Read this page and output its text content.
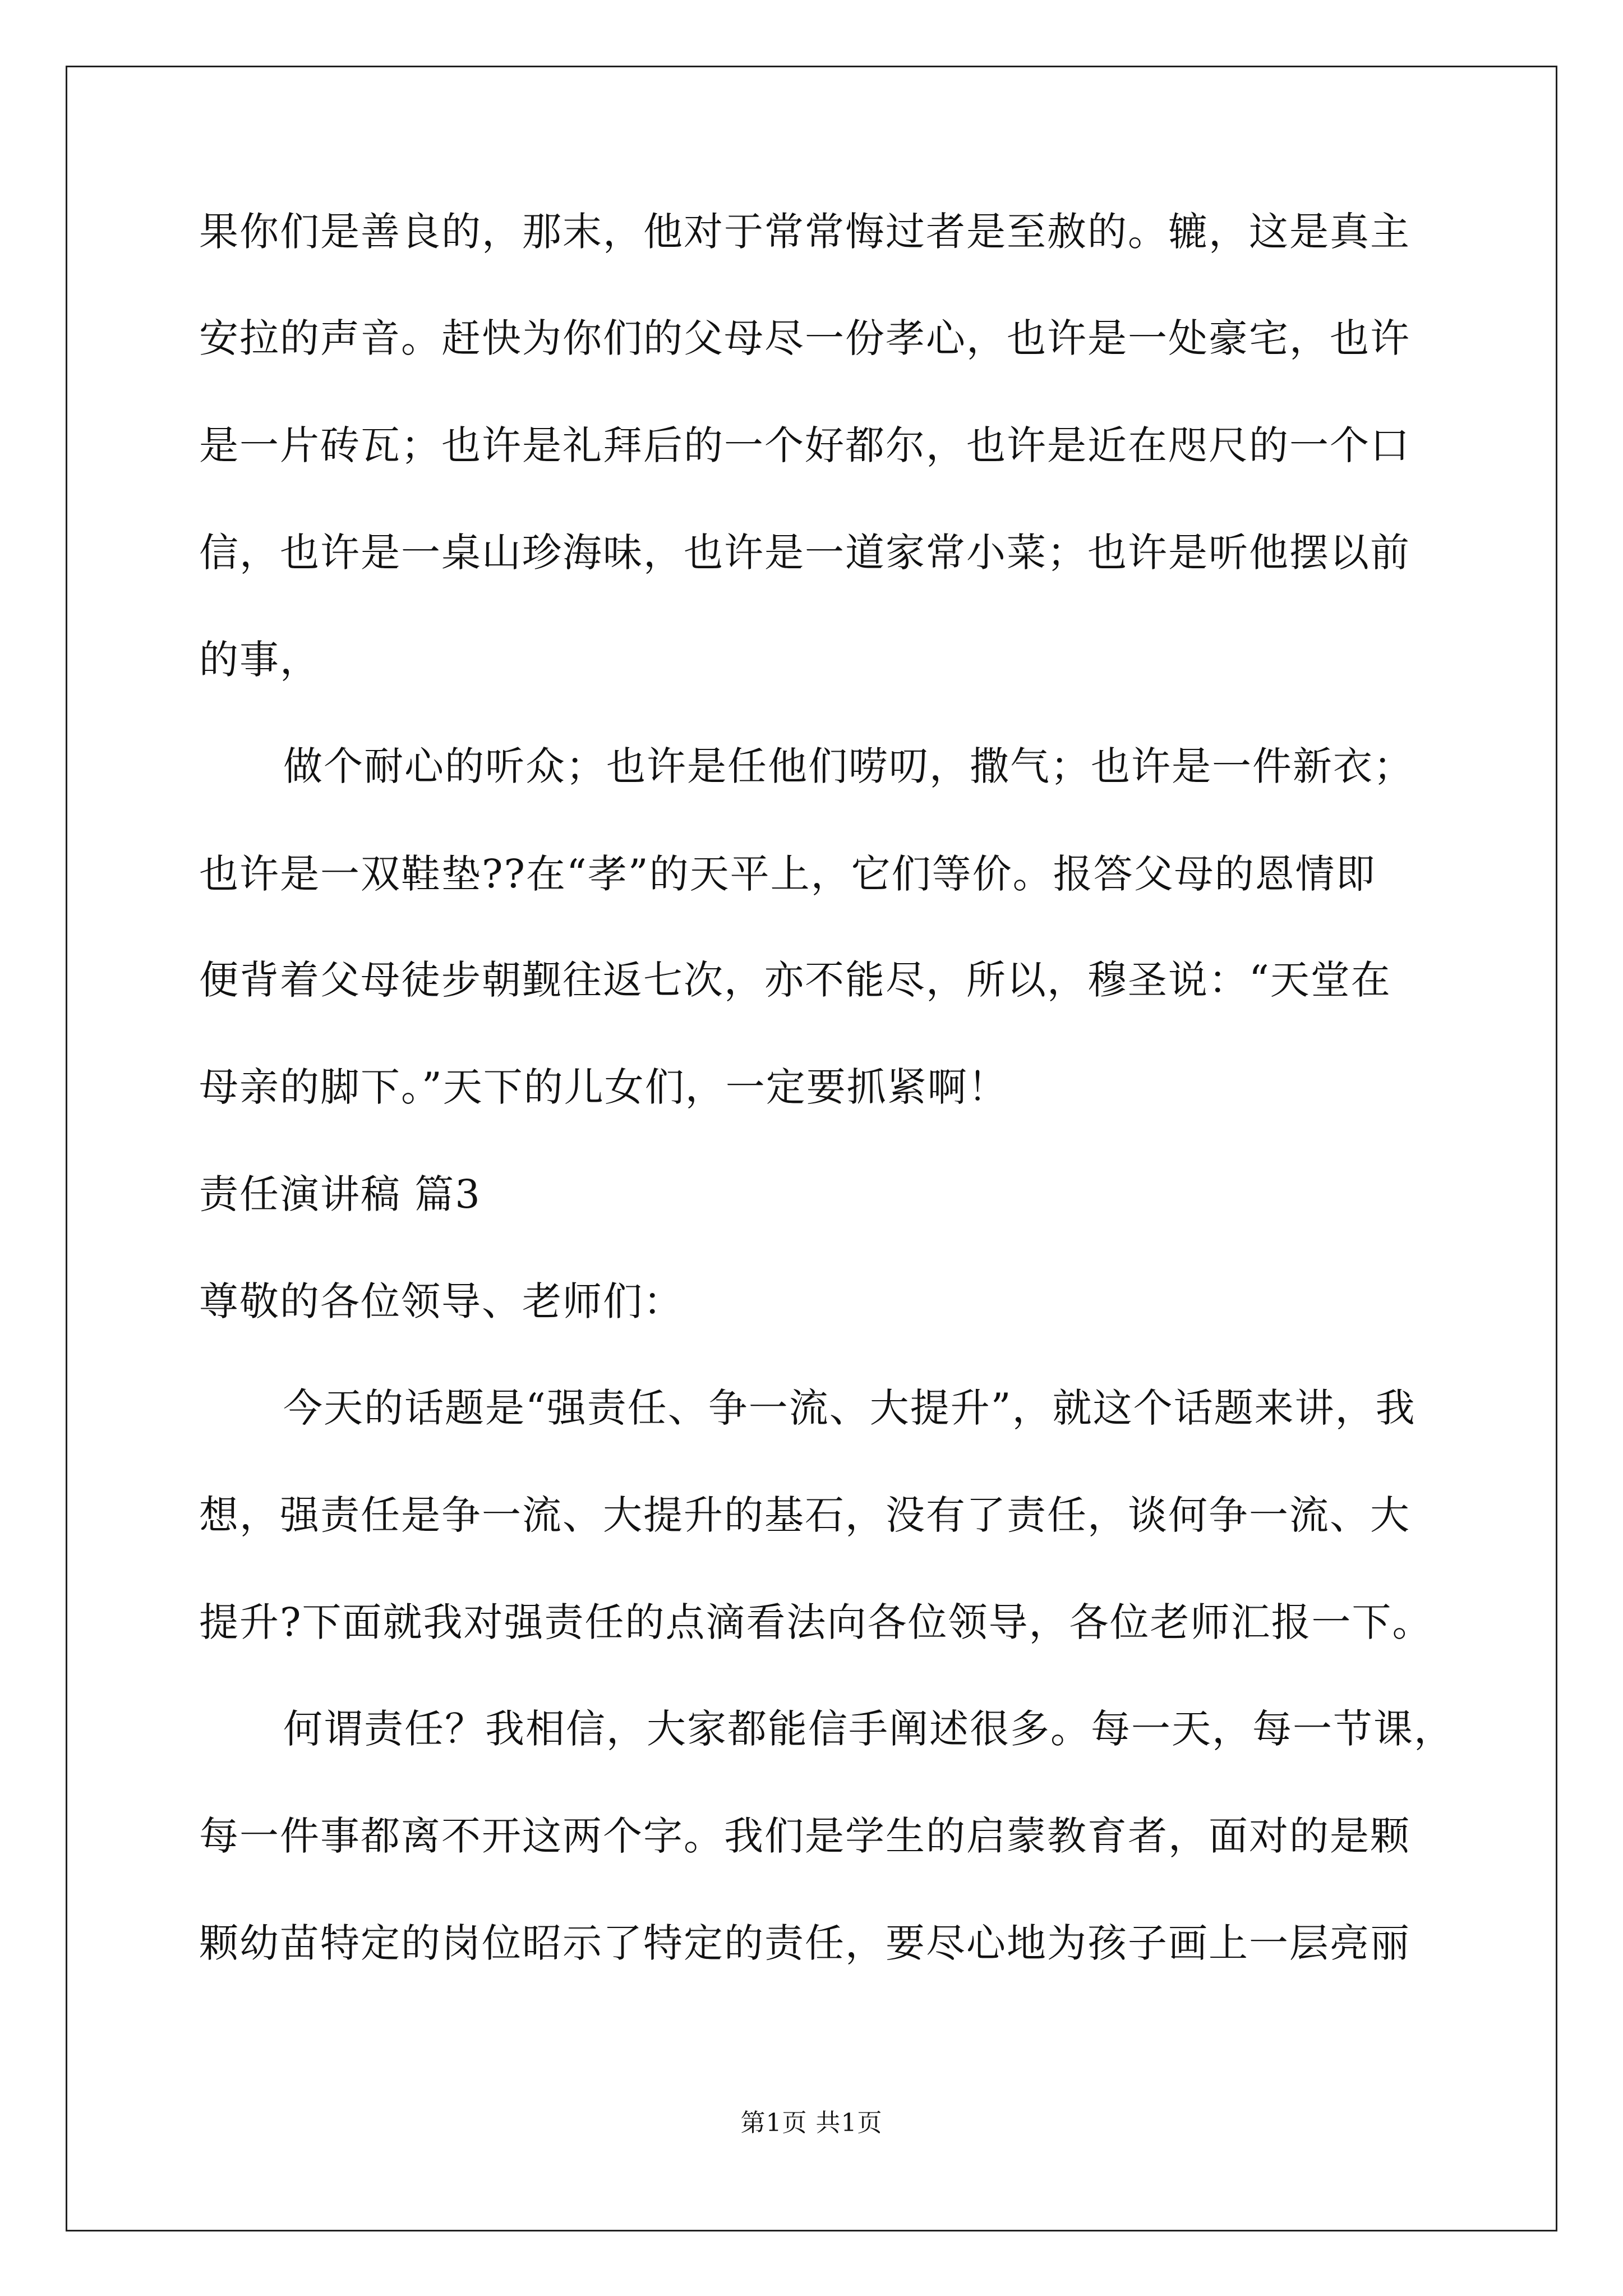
果你们是善良的，那末，他对于常常悔过者是至赦的。辘，这是真主
安拉的声音。赶快为你们的父母尽一份孝心，也许是一处豪宅，也许
是一片砖瓦；也许是礼拜后的一个好都尔，也许是近在咫尺的一个口
信，也许是一桌山珍海味，也许是一道家常小菜；也许是听他摆以前
的事，
做个耐心的听众；也许是任他们唠叨，撒气；也许是一件新衣；
也许是一双鞋垫??在“孝”的天平上，它们等价。报答父母的恩情即
便背着父母徒步朝觐往返七次，亦不能尽，所以，穆圣说：“天堂在
母亲的脚下。”天下的儿女们，一定要抓紧啊！
责任演讲稿 篇3
尊敬的各位领导、老师们：
今天的话题是“强责任、争一流、大提升”，就这个话题来讲，我
想，强责任是争一流、大提升的基石，没有了责任，谈何争一流、大
提升?下面就我对强责任的点滴看法向各位领导，各位老师汇报一下。
何谓责任？我相信，大家都能信手阐述很多。每一天，每一节课，
每一件事都离不开这两个字。我们是学生的启蒙教育者，面对的是颗
颗幼苗特定的岗位昭示了特定的责任，要尽心地为孩子画上一层亮丽
第1页 共1页
